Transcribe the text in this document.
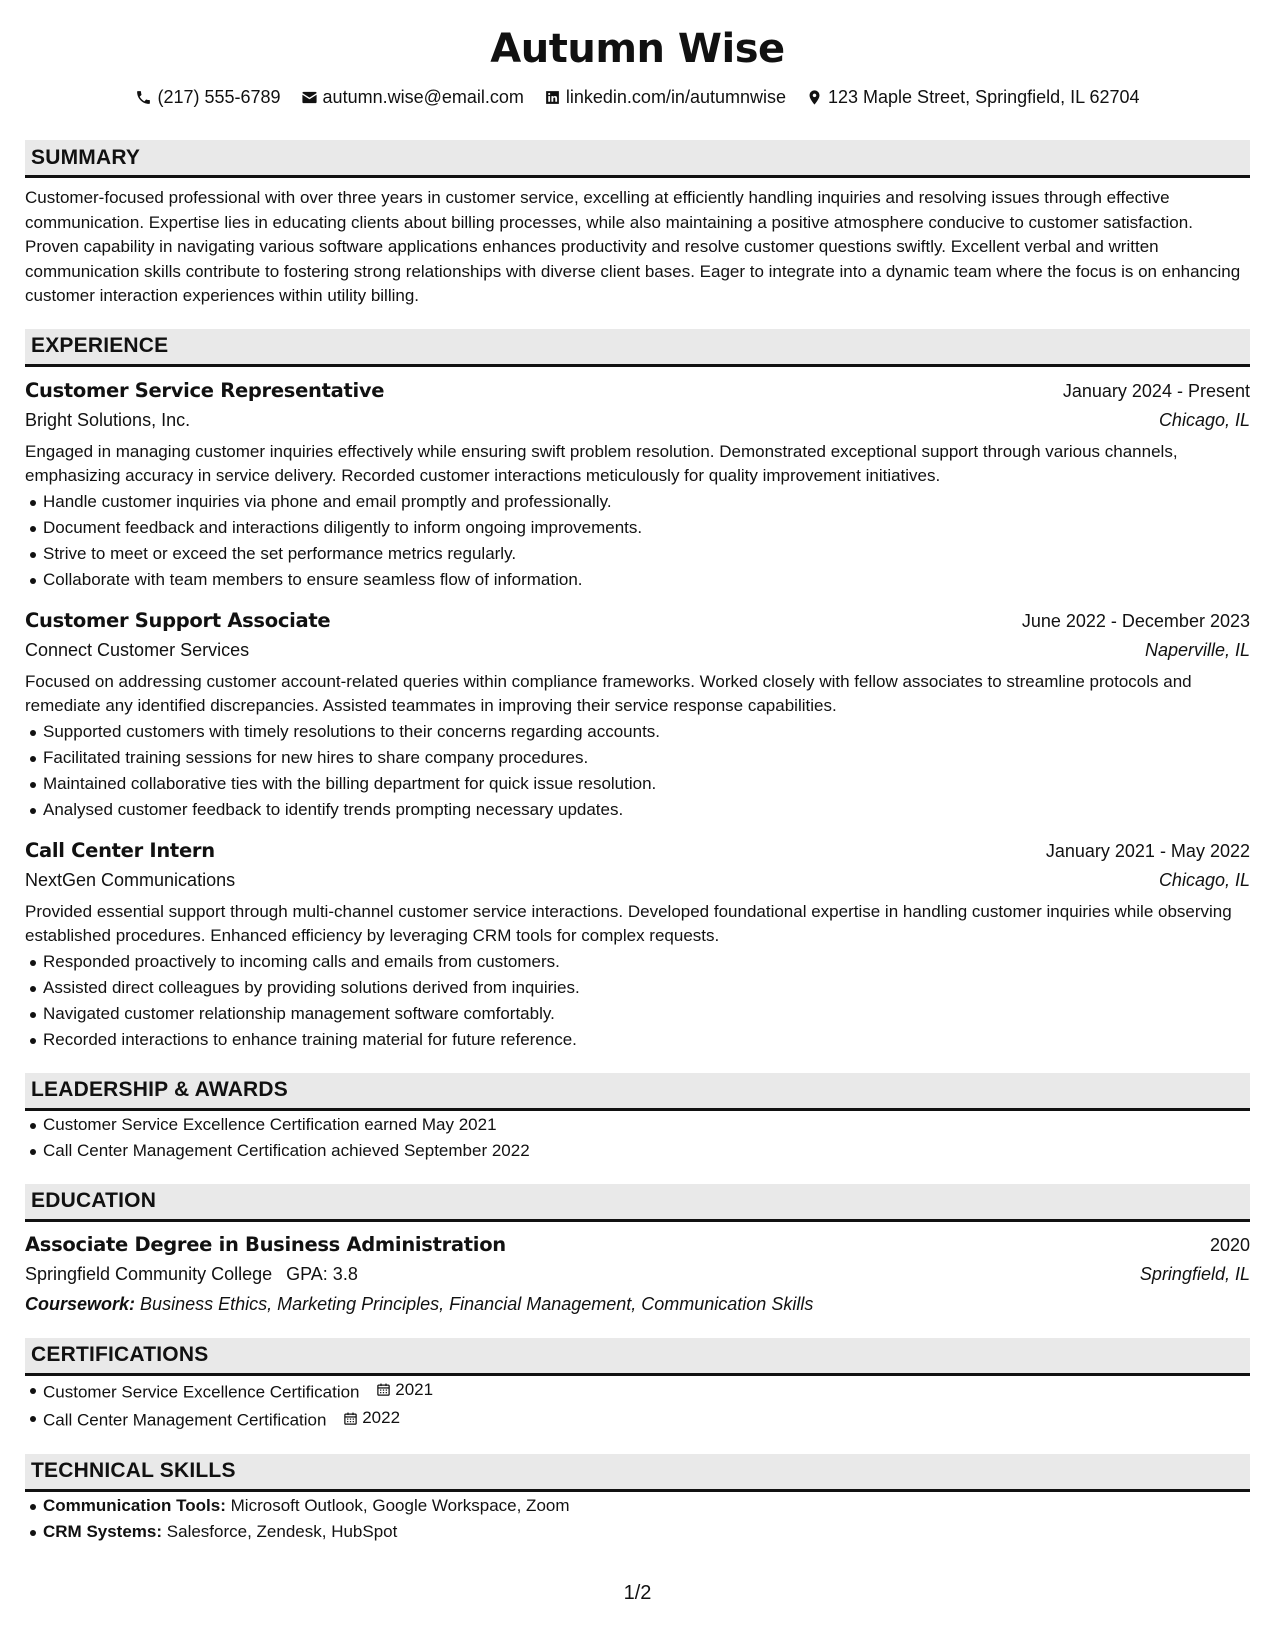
Autumn Wise
(217) 555-6789 autumn.wise@email.com linkedin.com/in/autumnwise 123 Maple Street, Springfield, IL 62704
SUMMARY
Customer-focused professional with over three years in customer service, excelling at efficiently handling inquiries and resolving issues through effective communication. Expertise lies in educating clients about billing processes, while also maintaining a positive atmosphere conducive to customer satisfaction. Proven capability in navigating various software applications enhances productivity and resolve customer questions swiftly. Excellent verbal and written communication skills contribute to fostering strong relationships with diverse client bases. Eager to integrate into a dynamic team where the focus is on enhancing customer interaction experiences within utility billing.
EXPERIENCE
Customer Service Representative	January 2024 - Present
Bright Solutions, Inc.	Chicago, IL
Engaged in managing customer inquiries effectively while ensuring swift problem resolution. Demonstrated exceptional support through various channels, emphasizing accuracy in service delivery. Recorded customer interactions meticulously for quality improvement initiatives.
Handle customer inquiries via phone and email promptly and professionally.
Document feedback and interactions diligently to inform ongoing improvements.
Strive to meet or exceed the set performance metrics regularly.
Collaborate with team members to ensure seamless flow of information.
Customer Support Associate	June 2022 - December 2023
Connect Customer Services	Naperville, IL
Focused on addressing customer account-related queries within compliance frameworks. Worked closely with fellow associates to streamline protocols and remediate any identified discrepancies. Assisted teammates in improving their service response capabilities.
Supported customers with timely resolutions to their concerns regarding accounts.
Facilitated training sessions for new hires to share company procedures.
Maintained collaborative ties with the billing department for quick issue resolution.
Analysed customer feedback to identify trends prompting necessary updates.
Call Center Intern	January 2021 - May 2022
NextGen Communications	Chicago, IL
Provided essential support through multi-channel customer service interactions. Developed foundational expertise in handling customer inquiries while observing established procedures. Enhanced efficiency by leveraging CRM tools for complex requests.
Responded proactively to incoming calls and emails from customers.
Assisted direct colleagues by providing solutions derived from inquiries.
Navigated customer relationship management software comfortably.
Recorded interactions to enhance training material for future reference.
LEADERSHIP & AWARDS
Customer Service Excellence Certification earned May 2021
Call Center Management Certification achieved September 2022
EDUCATION
Associate Degree in Business Administration	2020
Springfield Community College GPA: 3.8	Springfield, IL
Coursework: Business Ethics, Marketing Principles, Financial Management, Communication Skills
CERTIFICATIONS
Customer Service Excellence Certification 2021
Call Center Management Certification 2022
TECHNICAL SKILLS
Communication Tools: Microsoft Outlook, Google Workspace, Zoom
CRM Systems: Salesforce, Zendesk, HubSpot
1/2
